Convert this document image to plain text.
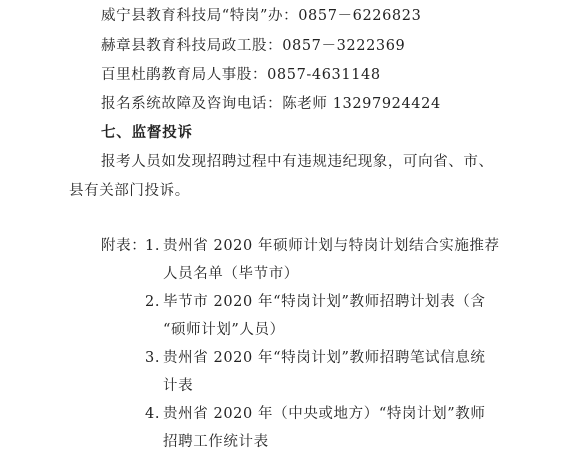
威宁县教育科技局“特岗”办：0857－6226823
赫章县教育科技局政工股：0857－3222369
百里杜鹃教育局人事股：0857-4631148
报名系统故障及咨询电话：陈老师 13297924424
七、监督投诉
报考人员如发现招聘过程中有违规违纪现象，可向省、市、
县有关部门投诉。
附表：
1. 贵州省 2020 年硕师计划与特岗计划结合实施推荐
人员名单（毕节市）
2. 毕节市 2020 年“特岗计划”教师招聘计划表（含
“硕师计划”人员）
3. 贵州省 2020 年“特岗计划”教师招聘笔试信息统
计表
4. 贵州省 2020 年（中央或地方）“特岗计划”教师
招聘工作统计表
